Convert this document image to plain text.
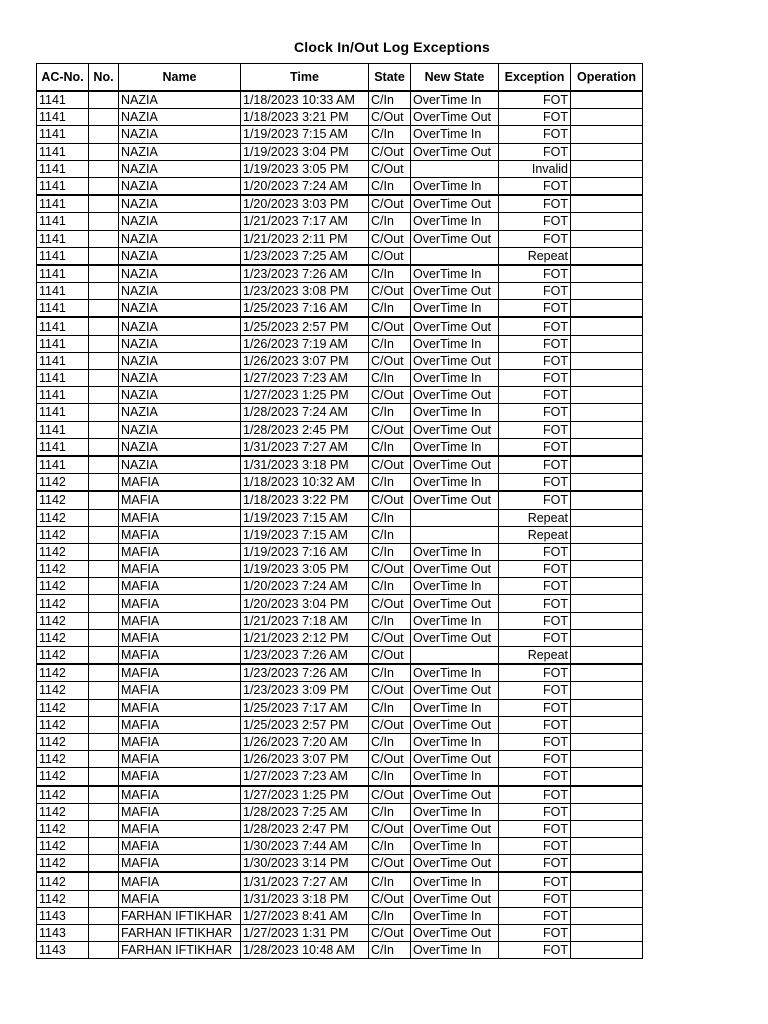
Clock In/Out Log Exceptions
AC-No.	No.	Name	Time	State	New State	Exception	Operation
1141		NAZIA	1/18/2023 10:33 AM	C/In	OverTime In	FOT	
1141		NAZIA	1/18/2023 3:21 PM	C/Out	OverTime Out	FOT	
1141		NAZIA	1/19/2023 7:15 AM	C/In	OverTime In	FOT	
1141		NAZIA	1/19/2023 3:04 PM	C/Out	OverTime Out	FOT	
1141		NAZIA	1/19/2023 3:05 PM	C/Out		Invalid	
1141		NAZIA	1/20/2023 7:24 AM	C/In	OverTime In	FOT	
1141		NAZIA	1/20/2023 3:03 PM	C/Out	OverTime Out	FOT	
1141		NAZIA	1/21/2023 7:17 AM	C/In	OverTime In	FOT	
1141		NAZIA	1/21/2023 2:11 PM	C/Out	OverTime Out	FOT	
1141		NAZIA	1/23/2023 7:25 AM	C/Out		Repeat	
1141		NAZIA	1/23/2023 7:26 AM	C/In	OverTime In	FOT	
1141		NAZIA	1/23/2023 3:08 PM	C/Out	OverTime Out	FOT	
1141		NAZIA	1/25/2023 7:16 AM	C/In	OverTime In	FOT	
1141		NAZIA	1/25/2023 2:57 PM	C/Out	OverTime Out	FOT	
1141		NAZIA	1/26/2023 7:19 AM	C/In	OverTime In	FOT	
1141		NAZIA	1/26/2023 3:07 PM	C/Out	OverTime Out	FOT	
1141		NAZIA	1/27/2023 7:23 AM	C/In	OverTime In	FOT	
1141		NAZIA	1/27/2023 1:25 PM	C/Out	OverTime Out	FOT	
1141		NAZIA	1/28/2023 7:24 AM	C/In	OverTime In	FOT	
1141		NAZIA	1/28/2023 2:45 PM	C/Out	OverTime Out	FOT	
1141		NAZIA	1/31/2023 7:27 AM	C/In	OverTime In	FOT	
1141		NAZIA	1/31/2023 3:18 PM	C/Out	OverTime Out	FOT	
1142		MAFIA	1/18/2023 10:32 AM	C/In	OverTime In	FOT	
1142		MAFIA	1/18/2023 3:22 PM	C/Out	OverTime Out	FOT	
1142		MAFIA	1/19/2023 7:15 AM	C/In		Repeat	
1142		MAFIA	1/19/2023 7:15 AM	C/In		Repeat	
1142		MAFIA	1/19/2023 7:16 AM	C/In	OverTime In	FOT	
1142		MAFIA	1/19/2023 3:05 PM	C/Out	OverTime Out	FOT	
1142		MAFIA	1/20/2023 7:24 AM	C/In	OverTime In	FOT	
1142		MAFIA	1/20/2023 3:04 PM	C/Out	OverTime Out	FOT	
1142		MAFIA	1/21/2023 7:18 AM	C/In	OverTime In	FOT	
1142		MAFIA	1/21/2023 2:12 PM	C/Out	OverTime Out	FOT	
1142		MAFIA	1/23/2023 7:26 AM	C/Out		Repeat	
1142		MAFIA	1/23/2023 7:26 AM	C/In	OverTime In	FOT	
1142		MAFIA	1/23/2023 3:09 PM	C/Out	OverTime Out	FOT	
1142		MAFIA	1/25/2023 7:17 AM	C/In	OverTime In	FOT	
1142		MAFIA	1/25/2023 2:57 PM	C/Out	OverTime Out	FOT	
1142		MAFIA	1/26/2023 7:20 AM	C/In	OverTime In	FOT	
1142		MAFIA	1/26/2023 3:07 PM	C/Out	OverTime Out	FOT	
1142		MAFIA	1/27/2023 7:23 AM	C/In	OverTime In	FOT	
1142		MAFIA	1/27/2023 1:25 PM	C/Out	OverTime Out	FOT	
1142		MAFIA	1/28/2023 7:25 AM	C/In	OverTime In	FOT	
1142		MAFIA	1/28/2023 2:47 PM	C/Out	OverTime Out	FOT	
1142		MAFIA	1/30/2023 7:44 AM	C/In	OverTime In	FOT	
1142		MAFIA	1/30/2023 3:14 PM	C/Out	OverTime Out	FOT	
1142		MAFIA	1/31/2023 7:27 AM	C/In	OverTime In	FOT	
1142		MAFIA	1/31/2023 3:18 PM	C/Out	OverTime Out	FOT	
1143		FARHAN IFTIKHAR	1/27/2023 8:41 AM	C/In	OverTime In	FOT	
1143		FARHAN IFTIKHAR	1/27/2023 1:31 PM	C/Out	OverTime Out	FOT	
1143		FARHAN IFTIKHAR	1/28/2023 10:48 AM	C/In	OverTime In	FOT	
